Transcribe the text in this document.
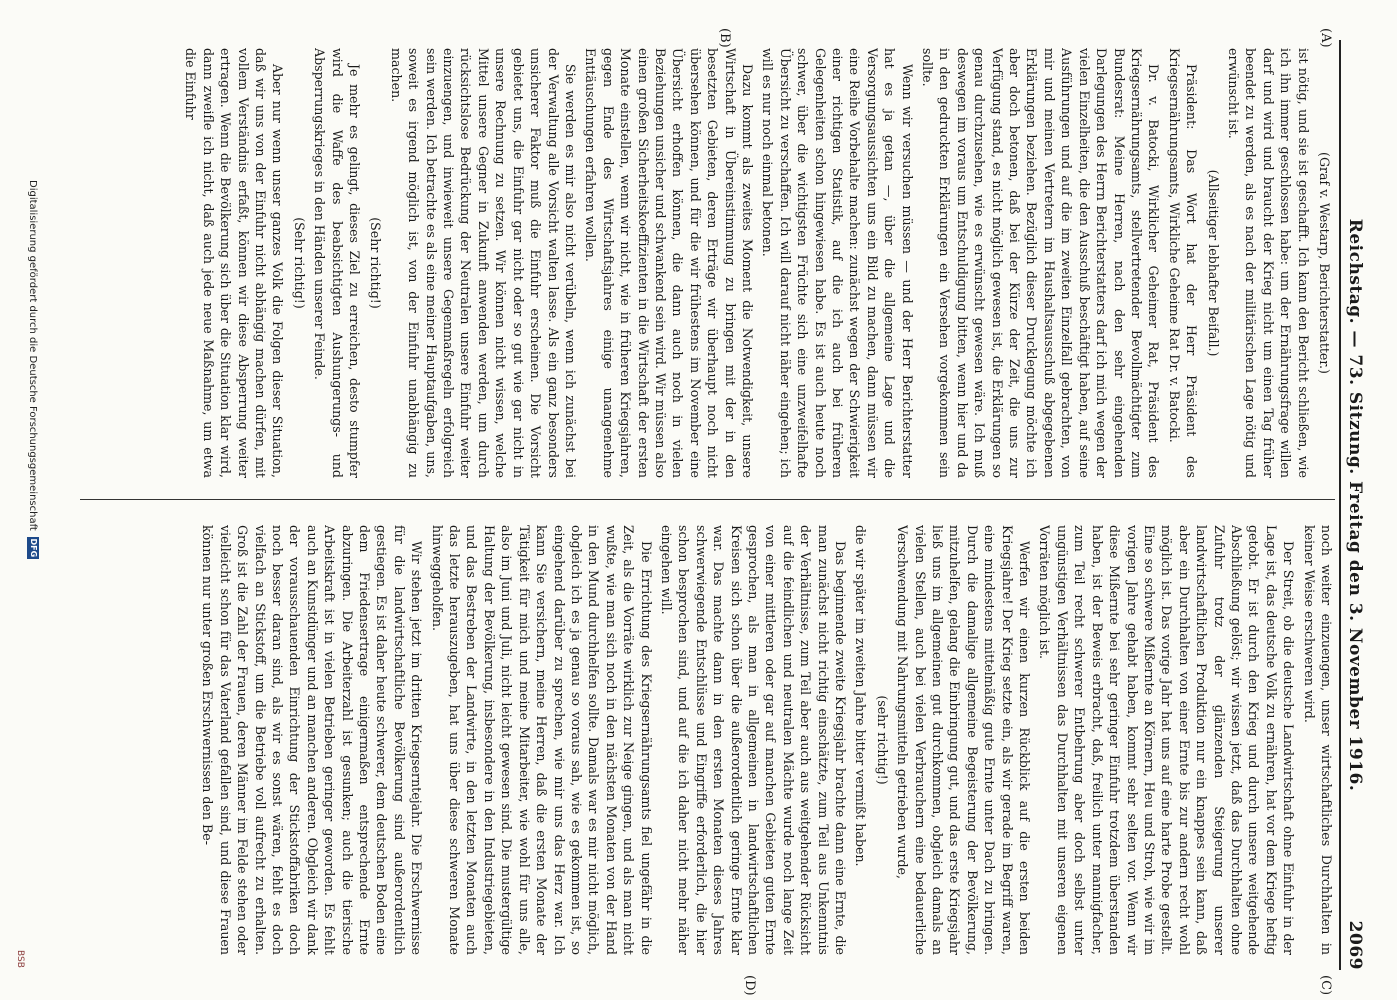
Reichstag. — 73. Sitzung. Freitag den 3. November 1916.
2069
(A)
(B)
(C)
(D)

(Graf v. Westarp, Berichterstatter.)

ist nötig, und sie ist geschafft. Ich kann den Bericht schließen, wie ich ihn immer geschlossen habe: um der Ernährungsfrage willen darf und wird und braucht der Krieg nicht um einen Tag früher beendet zu werden, als es nach der militärischen Lage nötig und erwünscht ist.

(Allseitiger lebhafter Beifall.)

Präsident: Das Wort hat der Herr Präsident des Kriegsernährungsamts, Wirkliche Geheime Rat Dr. v. Batocki.

Dr. v. Batocki, Wirklicher Geheimer Rat, Präsident des Kriegsernährungsamts, stellvertretender Bevollmächtigter zum Bundesrat: Meine Herren, nach den sehr eingehenden Darlegungen des Herrn Berichterstatters darf ich mich wegen der vielen Einzelheiten, die den Ausschuß beschäftigt haben, auf seine Ausführungen und auf die im zweiten Einzelfall gebrachten, von mir und meinen Vertretern im Haushaltsausschuß abgegebenen Erklärungen beziehen. Bezüglich dieser Drucklegung möchte ich aber doch betonen, daß bei der Kürze der Zeit, die uns zur Verfügung stand, es nicht möglich gewesen ist, die Erklärungen so genau durchzusehen, wie es erwünscht gewesen wäre. Ich muß deswegen im voraus um Entschuldigung bitten, wenn hier und da in den gedruckten Erklärungen ein Versehen vorgekommen sein sollte.

Wenn wir versuchen müssen — und der Herr Berichterstatter hat es ja getan —, über die allgemeine Lage und die Versorgungsaussichten uns ein Bild zu machen, dann müssen wir eine Reihe Vorbehalte machen: zunächst wegen der Schwierigkeit einer richtigen Statistik, auf die ich auch bei früheren Gelegenheiten schon hingewiesen habe. Es ist auch heute noch schwer, über die wichtigsten Früchte sich eine unzweifelhafte Übersicht zu verschaffen. Ich will darauf nicht näher eingehen; ich will es nur noch einmal betonen.

Dazu kommt als zweites Moment die Notwendigkeit, unsere Wirtschaft in Übereinstimmung zu bringen mit der in den besetzten Gebieten, deren Erträge wir überhaupt noch nicht übersehen können, und für die wir frühestens im November eine Übersicht erhoffen können, die dann auch noch in vielen Beziehungen unsicher und schwankend sein wird. Wir müssen also einen großen Sicherheitskoeffizienten in die Wirtschaft der ersten Monate einstellen, wenn wir nicht, wie in früheren Kriegsjahren, gegen Ende des Wirtschaftsjahres einige unangenehme Enttäuschungen erfahren wollen.

Sie werden es mir also nicht verübeln, wenn ich zunächst bei der Verwaltung alle Vorsicht walten lasse. Als ein ganz besonders unsicherer Faktor muß die Einfuhr erscheinen. Die Vorsicht gebietet uns, die Einfuhr gar nicht oder so gut wie gar nicht in unsere Rechnung zu setzen. Wir können nicht wissen, welche Mittel unsere Gegner in Zukunft anwenden werden, um durch rücksichtslose Bedrückung der Neutralen unsere Einfuhr weiter einzuengen, und inwieweit unsere Gegenmaßregeln erfolgreich sein werden. Ich betrachte es als eine meiner Hauptaufgaben, uns, soweit es irgend möglich ist, von der Einfuhr unabhängig zu machen.

(Sehr richtig!)

Je mehr es gelingt, dieses Ziel zu erreichen, desto stumpfer wird die Waffe des beabsichtigten Aushungerungs- und Absperrungskrieges in den Händen unserer Feinde.

(Sehr richtig!)

Aber nur wenn unser ganzes Volk die Folgen dieser Situation, daß wir uns von der Einfuhr nicht abhängig machen dürfen, mit vollem Verständnis erfaßt, können wir diese Absperrung weiter ertragen. Wenn die Bevölkerung sich über die Situation klar wird, dann zweifle ich nicht, daß auch jede neue Maßnahme, um etwa die Einfuhr

noch weiter einzuengen, unser wirtschaftliches Durchhalten in keiner Weise erschweren wird.

Der Streit, ob die deutsche Landwirtschaft ohne Einfuhr in der Lage ist, das deutsche Volk zu ernähren, hat vor dem Kriege heftig getobt. Er ist durch den Krieg und durch unsere weitgehende Abschließung gelöst; wir wissen jetzt, daß das Durchhalten ohne Zufuhr trotz der glänzenden Steigerung unserer landwirtschaftlichen Produktion nur ein knappes sein kann, daß aber ein Durchhalten von einer Ernte bis zur andern recht wohl möglich ist. Das vorige Jahr hat uns auf eine harte Probe gestellt. Eine so schwere Mißernte an Körnern, Heu und Stroh, wie wir im vorigen Jahre gehabt haben, kommt sehr selten vor. Wenn wir diese Mißernte bei sehr geringer Einfuhr trotzdem überstanden haben, ist der Beweis erbracht, daß, freilich unter mannigfacher, zum Teil recht schwerer Entbehrung aber doch selbst unter ungünstigen Verhältnissen das Durchhalten mit unseren eigenen Vorräten möglich ist.

Werfen wir einen kurzen Rückblick auf die ersten beiden Kriegsjahre! Der Krieg setzte ein, als wir gerade im Begriff waren, eine mindestens mittelmäßig gute Ernte unter Dach zu bringen. Durch die damalige allgemeine Begeisterung der Bevölkerung, mitzuhelfen, gelang die Einbringung gut, und das erste Kriegsjahr ließ uns im allgemeinen gut durchkommen, obgleich damals an vielen Stellen, auch bei vielen Verbrauchern eine bedauerliche Verschwendung mit Nahrungsmitteln getrieben wurde,

(sehr richtig!)

die wir später im zweiten Jahre bitter vermißt haben.

Das beginnende zweite Kriegsjahr brachte dann eine Ernte, die man zunächst nicht richtig einschätzte, zum Teil aus Unkenntnis der Verhältnisse, zum Teil aber auch aus weitgehender Rücksicht auf die feindlichen und neutralen Mächte wurde noch lange Zeit von einer mittleren oder gar auf manchen Gebieten guten Ernte gesprochen, als man in allgemeinen in landwirtschaftlichen Kreisen sich schon über die außerordentlich geringe Ernte klar war. Das machte dann in den ersten Monaten dieses Jahres schwerwiegende Entschlüsse und Eingriffe erforderlich, die hier schon besprochen sind, und auf die ich daher nicht mehr näher eingehen will.

Die Errichtung des Kriegsernährungsamts fiel ungefähr in die Zeit, als die Vorräte wirklich zur Neige gingen, und als man nicht wußte, wie man sich noch in den nächsten Monaten von der Hand in den Mund durchhelfen sollte. Damals war es mir nicht möglich, obgleich ich es ja genau so voraus sah, wie es gekommen ist, so eingehend darüber zu sprechen, wie mir uns das Herz war. Ich kann Sie versichern, meine Herren, daß die ersten Monate der Tätigkeit für mich und meine Mitarbeiter, wie wohl für uns alle, also im Juni und Juli, nicht leicht gewesen sind. Die mustergültige Haltung der Bevölkerung, insbesondere in den Industriegebieten, und das Bestreben der Landwirte, in den letzten Monaten auch das letzte herauszugeben, hat uns über diese schweren Monate hinweggeholfen.

Wir stehen jetzt im dritten Kriegserntejahr. Die Erschwernisse für die landwirtschaftliche Bevölkerung sind außerordentlich gestiegen. Es ist daher heute schwerer, dem deutschen Boden eine dem Friedensertrage einigermaßen entsprechende Ernte abzuringen. Die Arbeiterzahl ist gesunken; auch die tierische Arbeitskraft ist in vielen Betrieben geringer geworden. Es fehlt auch an Kunstdünger und an manchen anderen. Obgleich wir dank der vorausschauenden Einrichtung der Stickstoffabriken doch noch besser daran sind, als wir es sonst wären, fehlt es doch vielfach an Stickstoff, um die Betriebe voll aufrecht zu erhalten. Groß ist die Zahl der Frauen, deren Männer im Felde stehen oder vielleicht schon für das Vaterland gefallen sind, und diese Frauen können nur unter großen Erschwernissen den Be-

Digitalisierung gefördert durch die Deutsche Forschungsgemeinschaft
DFG
BSB
